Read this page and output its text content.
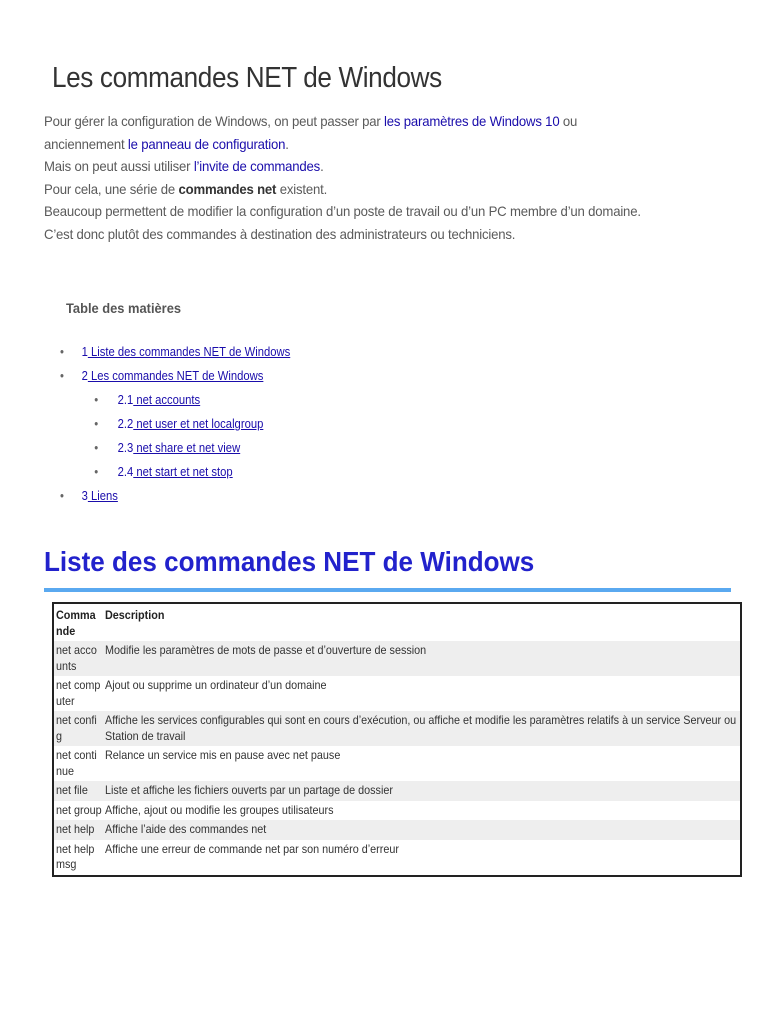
Les commandes NET de Windows
Pour gérer la configuration de Windows, on peut passer par les paramètres de Windows 10 ou
anciennement le panneau de configuration.
Mais on peut aussi utiliser l’invite de commandes.
Pour cela, une série de commandes net existent.
Beaucoup permettent de modifier la configuration d’un poste de travail ou d’un PC membre d’un domaine.
C’est donc plutôt des commandes à destination des administrateurs ou techniciens.
Table des matières
• 1 Liste des commandes NET de Windows
• 2 Les commandes NET de Windows
• 2.1 net accounts
• 2.2 net user et net localgroup
• 2.3 net share et net view
• 2.4 net start et net stop
• 3 Liens
Liste des commandes NET de Windows
Commande	Description

net accounts	Modifie les paramètres de mots de passe et d’ouverture de session

net computer	Ajout ou supprime un ordinateur d’un domaine

net config	Affiche les services configurables qui sont en cours d’exécution, ou affiche et modifie les paramètres relatifs à un service Serveur ou Station de travail

net continue	Relance un service mis en pause avec net pause

net file	Liste et affiche les fichiers ouverts par un partage de dossier

net group	Affiche, ajout ou modifie les groupes utilisateurs

net help	Affiche l’aide des commandes net

net helpmsg	Affiche une erreur de commande net par son numéro d’erreur
